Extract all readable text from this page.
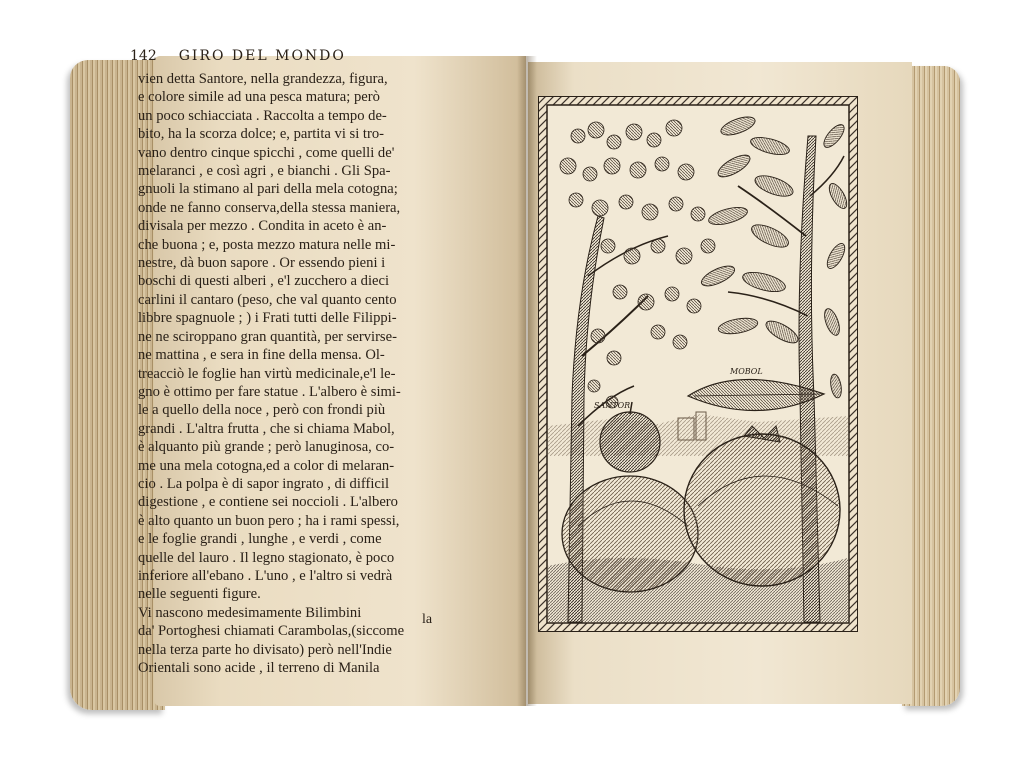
142 GIRO DEL MONDO
vien detta Santore, nella grandezza, figura,
e colore simile ad una pesca matura; però
un poco schiacciata . Raccolta a tempo de-
bito, ha la scorza dolce; e, partita vi si tro-
vano dentro cinque spicchi , come quelli de'
melaranci , e così agri , e bianchi . Gli Spa-
gnuoli la stimano al pari della mela cotogna;
onde ne fanno conserva,della stessa maniera,
divisala per mezzo . Condita in aceto è an-
che buona ; e, posta mezzo matura nelle mi-
nestre, dà buon sapore . Or essendo pieni i
boschi di questi alberi , e'l zucchero a dieci
carlini il cantaro (peso, che val quanto cento
libbre spagnuole ; ) i Frati tutti delle Filippi-
ne ne sciroppano gran quantità, per servirse-
ne mattina , e sera in fine della mensa. Ol-
treacciò le foglie han virtù medicinale,e'l le-
gno è ottimo per fare statue . L'albero è simi-
le a quello della noce , però con frondi più
grandi . L'altra frutta , che si chiama Mabol,
è alquanto più grande ; però lanuginosa, co-
me una mela cotogna,ed a color di melaran-
cio . La polpa è di sapor ingrato , di difficil
digestione , e contiene sei noccioli . L'albero
è alto quanto un buon pero ; ha i rami spessi,
e le foglie grandi , lunghe , e verdi , come
quelle del lauro . Il legno stagionato, è poco
inferiore all'ebano . L'uno , e l'altro si vedrà
nelle seguenti figure.
Vi nascono medesimamente Bilimbini
da' Portoghesi chiamati Carambolas,(siccome
nella terza parte ho divisato) però nell'Indie
Orientali sono acide , il terreno di Manila
la
SANTOR
MOBOL
